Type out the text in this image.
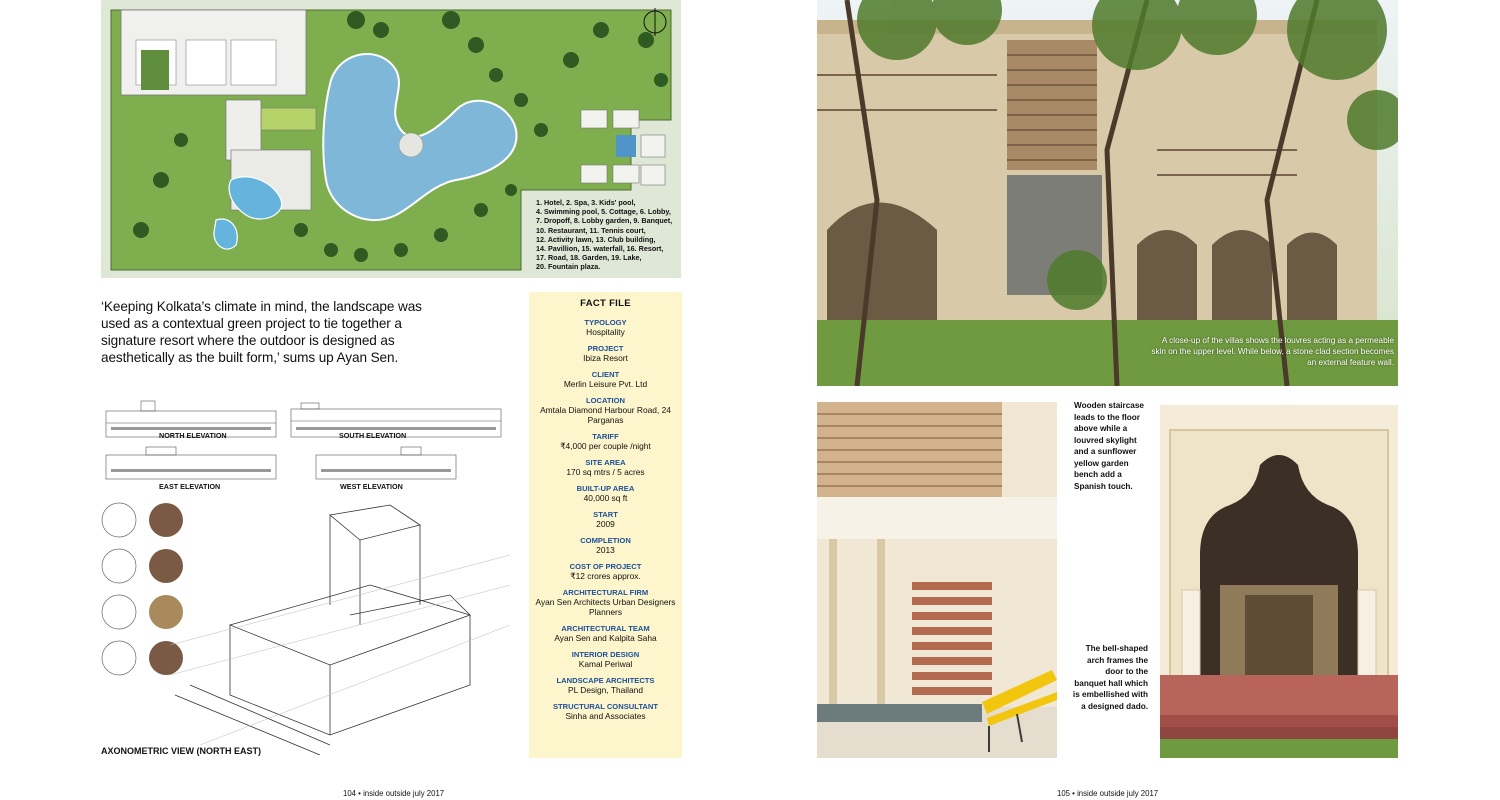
1. Hotel, 2. Spa, 3. Kids' pool,
4. Swimming pool, 5. Cottage, 6. Lobby,
7. Dropoff, 8. Lobby garden, 9. Banquet,
10. Restaurant, 11. Tennis court,
12. Activity lawn, 13. Club building,
14. Pavillion, 15. waterfall, 16. Resort,
17. Road, 18. Garden, 19. Lake,
20. Fountain plaza.
‘Keeping Kolkata’s climate in mind, the landscape was used as a contextual green project to tie together a signature resort where the outdoor is designed as aesthetically as the built form,’ sums up Ayan Sen.
FACT FILE
TYPOLOGY
Hospitality
PROJECT
Ibiza Resort
CLIENT
Merlin Leisure Pvt. Ltd
LOCATION
Amtala Diamond Harbour Road, 24 Parganas
TARIFF
₹4,000 per couple /night
SITE AREA
170 sq mtrs / 5 acres
BUILT-UP AREA
40,000 sq ft
START
2009
COMPLETION
2013
COST OF PROJECT
₹12 crores approx.
ARCHITECTURAL FIRM
Ayan Sen Architects Urban Designers Planners
ARCHITECTURAL TEAM
Ayan Sen and Kalpita Saha
INTERIOR DESIGN
Kamal Periwal
LANDSCAPE ARCHITECTS
PL Design, Thailand
STRUCTURAL CONSULTANT
Sinha and Associates
NORTH ELEVATION	SOUTH ELEVATION
EAST ELEVATION	WEST ELEVATION
AXONOMETRIC VIEW (NORTH EAST)
104 • inside outside july 2017
A close-up of the villas shows the louvres acting as a permeable skin on the upper level. While below, a stone clad section becomes an external feature wall.
Wooden staircase leads to the floor above while a louvred skylight and a sunflower yellow garden bench add a Spanish touch.
The bell-shaped arch frames the door to the banquet hall which is embellished with a designed dado.
105 • inside outside july 2017
